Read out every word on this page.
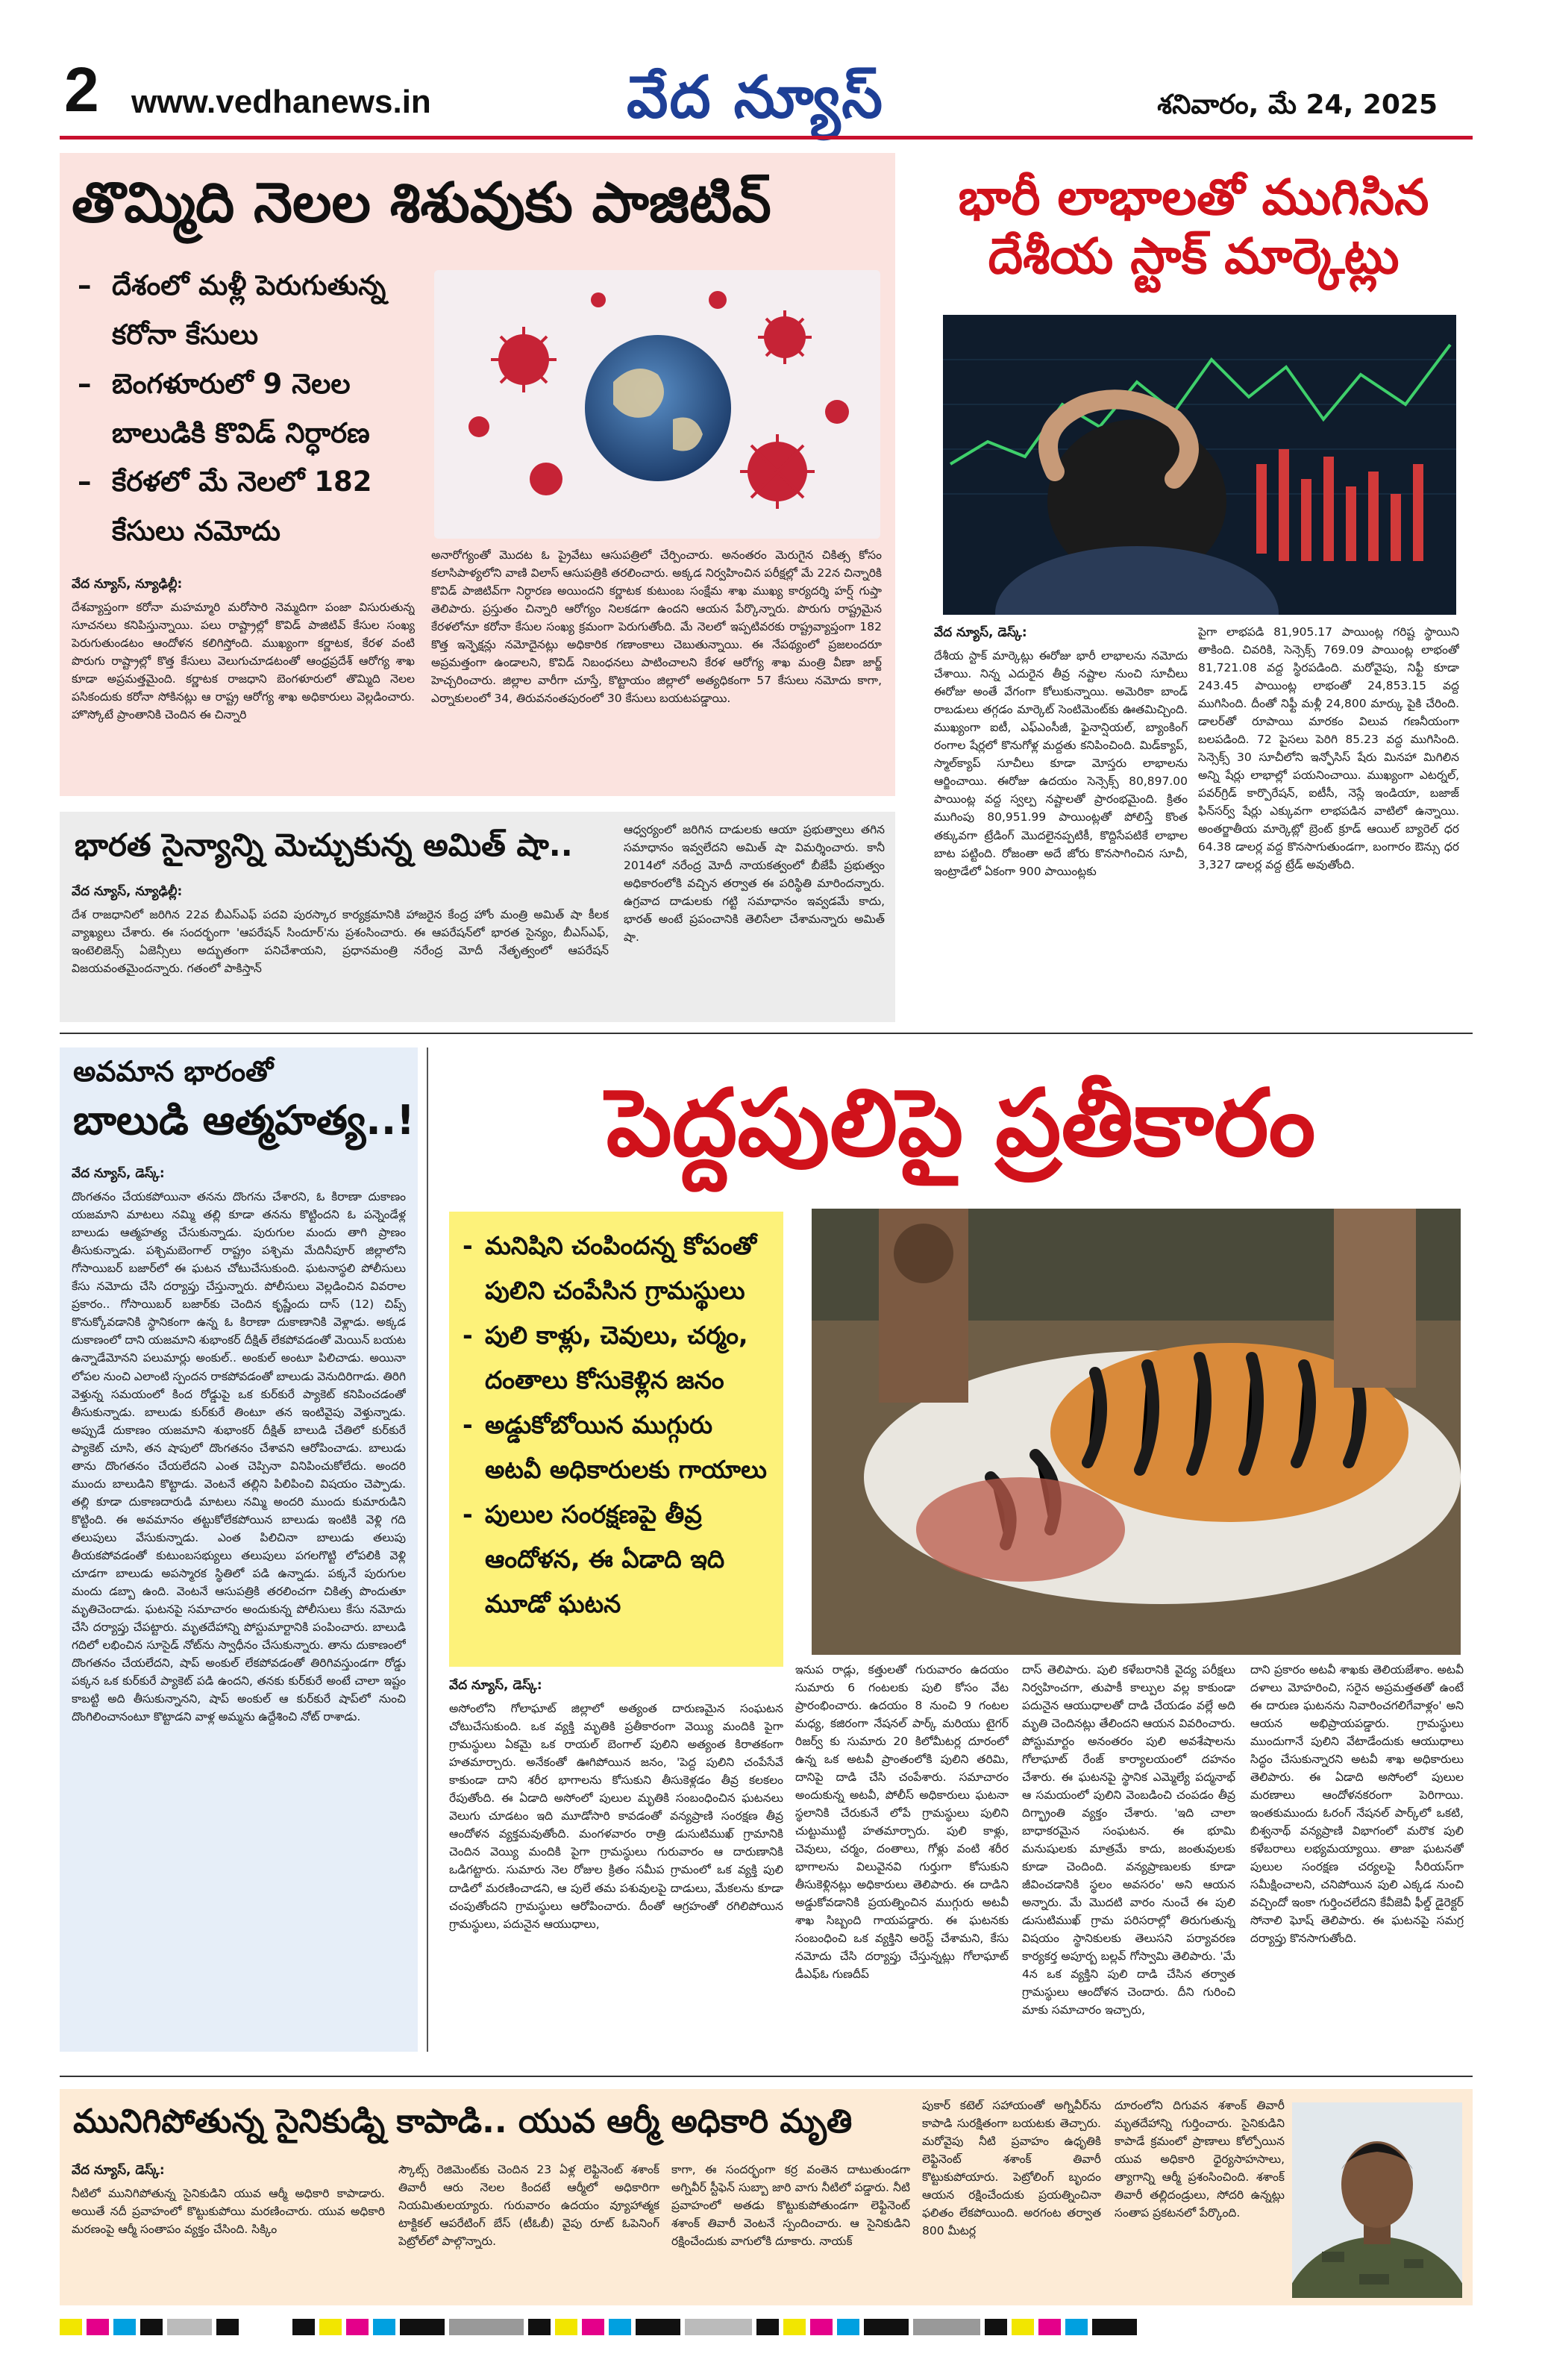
2 www.vedhanews.in	వేద న్యూస్	శనివారం, మే 24, 2025
తొమ్మిది నెలల శిశువుకు పాజిటివ్
– దేశంలో మళ్లీ పెరుగుతున్న కరోనా కేసులు
– బెంగళూరులో 9 నెలల బాలుడికి కొవిడ్ నిర్ధారణ
– కేరళలో మే నెలలో 182 కేసులు నమోదు
వేద న్యూస్, న్యూఢిల్లీ:
దేశవ్యాప్తంగా కరోనా మహమ్మారి మరోసారి నెమ్మదిగా పంజా విసురుతున్న సూచనలు కనిపిస్తున్నాయి. పలు రాష్ట్రాల్లో కొవిడ్ పాజిటివ్ కేసుల సంఖ్య పెరుగుతుండటం ఆందోళన కలిగిస్తోంది. ముఖ్యంగా కర్ణాటక, కేరళ వంటి పొరుగు రాష్ట్రాల్లో కొత్త కేసులు వెలుగుచూడటంతో ఆంధ్రప్రదేశ్ ఆరోగ్య శాఖ కూడా అప్రమత్తమైంది. కర్ణాటక రాజధాని బెంగళూరులో తొమ్మిది నెలల పసికందుకు కరోనా సోకినట్లు ఆ రాష్ట్ర ఆరోగ్య శాఖ అధికారులు వెల్లడించారు. హొస్కోటే ప్రాంతానికి చెందిన ఈ చిన్నారి
అనారోగ్యంతో మొదట ఓ ప్రైవేటు ఆసుపత్రిలో చేర్పించారు. అనంతరం మెరుగైన చికిత్స కోసం కలాసిపాళ్యలోని వాణి విలాస్ ఆసుపత్రికి తరలించారు. అక్కడ నిర్వహించిన పరీక్షల్లో మే 22న చిన్నారికి కొవిడ్ పాజిటివ్‌గా నిర్ధారణ అయిందని కర్ణాటక కుటుంబ సంక్షేమ శాఖ ముఖ్య కార్యదర్శి హర్ష్ గుప్తా తెలిపారు. ప్రస్తుతం చిన్నారి ఆరోగ్యం నిలకడగా ఉందని ఆయన పేర్కొన్నారు. పొరుగు రాష్ట్రమైన కేరళలోనూ కరోనా కేసుల సంఖ్య క్రమంగా పెరుగుతోంది. మే నెలలో ఇప్పటివరకు రాష్ట్రవ్యాప్తంగా 182 కొత్త ఇన్ఫెక్షన్లు నమోదైనట్లు అధికారిక గణాంకాలు చెబుతున్నాయి. ఈ నేపథ్యంలో ప్రజలందరూ అప్రమత్తంగా ఉండాలని, కొవిడ్ నిబంధనలు పాటించాలని కేరళ ఆరోగ్య శాఖ మంత్రి వీణా జార్జ్ హెచ్చరించారు. జిల్లాల వారీగా చూస్తే, కొట్టాయం జిల్లాలో అత్యధికంగా 57 కేసులు నమోదు కాగా, ఎర్నాకులంలో 34, తిరువనంతపురంలో 30 కేసులు బయటపడ్డాయి.
భారీ లాభాలతో ముగిసిన దేశీయ స్టాక్ మార్కెట్లు
వేద న్యూస్, డెస్క్:
దేశీయ స్టాక్ మార్కెట్లు ఈరోజు భారీ లాభాలను నమోదు చేశాయి. నిన్న ఎదురైన తీవ్ర నష్టాల నుంచి సూచీలు ఈరోజు అంతే వేగంగా కోలుకున్నాయి. అమెరికా బాండ్ రాబడులు తగ్గడం మార్కెట్ సెంటిమెంట్‌కు ఊతమిచ్చింది. ముఖ్యంగా ఐటీ, ఎఫ్ఎంసీజీ, ఫైనాన్షియల్, బ్యాంకింగ్ రంగాల షేర్లలో కొనుగోళ్ల మద్దతు కనిపించింది. మిడ్‌క్యాప్, స్మాల్‌క్యాప్ సూచీలు కూడా మోస్తరు లాభాలను ఆర్జించాయి. ఈరోజు ఉదయం సెన్సెక్స్ 80,897.00 పాయింట్ల వద్ద స్వల్ప నష్టాలతో ప్రారంభమైంది. క్రితం ముగింపు 80,951.99 పాయింట్లతో పోలిస్తే కొంత తక్కువగా ట్రేడింగ్ మొదలైనప్పటికీ, కొద్దిసేపటికే లాభాల బాట పట్టింది. రోజంతా అదే జోరు కొనసాగించిన సూచీ, ఇంట్రాడేలో ఏకంగా 900 పాయింట్లకు
పైగా లాభపడి 81,905.17 పాయింట్ల గరిష్ట స్థాయిని తాకింది. చివరికి, సెన్సెక్స్ 769.09 పాయింట్ల లాభంతో 81,721.08 వద్ద స్థిరపడింది. మరోవైపు, నిఫ్టీ కూడా 243.45 పాయింట్ల లాభంతో 24,853.15 వద్ద ముగిసింది. దీంతో నిఫ్టీ మళ్లీ 24,800 మార్కు పైకి చేరింది. డాలర్‌తో రూపాయి మారకం విలువ గణనీయంగా బలపడింది. 72 పైసలు పెరిగి 85.23 వద్ద ముగిసింది. సెన్సెక్స్ 30 సూచీలోని ఇన్ఫోసిస్ షేరు మినహా మిగిలిన అన్ని షేర్లు లాభాల్లో పయనించాయి. ముఖ్యంగా ఎటర్నల్, పవర్‌గ్రిడ్ కార్పొరేషన్, ఐటీసీ, నెస్లే ఇండియా, బజాజ్ ఫిన్‌సర్వ్ షేర్లు ఎక్కువగా లాభపడిన వాటిలో ఉన్నాయి. అంతర్జాతీయ మార్కెట్లో బ్రెంట్ క్రూడ్ ఆయిల్ బ్యారెల్ ధర 64.38 డాలర్ల వద్ద కొనసాగుతుండగా, బంగారం ఔన్సు ధర 3,327 డాలర్ల వద్ద ట్రేడ్ అవుతోంది.
భారత సైన్యాన్ని మెచ్చుకున్న అమిత్ షా..
వేద న్యూస్, న్యూఢిల్లీ:
దేశ రాజధానిలో జరిగిన 22వ బీఎస్ఎఫ్ పదవి పురస్కార కార్యక్రమానికి హాజరైన కేంద్ర హోం మంత్రి అమిత్ షా కీలక వ్యాఖ్యలు చేశారు. ఈ సందర్భంగా 'ఆపరేషన్ సిందూర్'ను ప్రశంసించారు. ఈ ఆపరేషన్‌లో భారత సైన్యం, బీఎస్ఎఫ్, ఇంటెలిజెన్స్ ఏజెన్సీలు అద్భుతంగా పనిచేశాయని, ప్రధానమంత్రి నరేంద్ర మోదీ నేతృత్వంలో ఆపరేషన్ విజయవంతమైందన్నారు. గతంలో పాకిస్తాన్
ఆధ్వర్యంలో జరిగిన దాడులకు ఆయా ప్రభుత్వాలు తగిన సమాధానం ఇవ్వలేదని అమిత్ షా విమర్శించారు. కానీ 2014లో నరేంద్ర మోదీ నాయకత్వంలో బీజేపీ ప్రభుత్వం అధికారంలోకి వచ్చిన తర్వాత ఈ పరిస్థితి మారిందన్నారు. ఉగ్రవాద దాడులకు గట్టి సమాధానం ఇవ్వడమే కాదు, భారత్ అంటే ప్రపంచానికి తెలిసేలా చేశామన్నారు అమిత్ షా.
అవమాన భారంతో
బాలుడి ఆత్మహత్య..!
వేద న్యూస్, డెస్క్:
దొంగతనం చేయకపోయినా తనను దొంగను చేశారని, ఓ కిరాణా దుకాణం యజమాని మాటలు నమ్మి తల్లి కూడా తనను కొట్టిందని ఓ పన్నెండేళ్ల బాలుడు ఆత్మహత్య చేసుకున్నాడు. పురుగుల మందు తాగి ప్రాణం తీసుకున్నాడు. పశ్చిమబెంగాల్ రాష్ట్రం పశ్చిమ మేదినీపూర్ జిల్లాలోని గోసాయిబర్ బజార్‌లో ఈ ఘటన చోటుచేసుకుంది. ఘటనాస్థలి పోలీసులు కేసు నమోదు చేసి దర్యాప్తు చేస్తున్నారు. పోలీసులు వెల్లడించిన వివరాల ప్రకారం.. గోసాయిబర్ బజార్‌కు చెందిన కృష్ణేందు దాస్ (12) చిప్స్ కొనుక్కోవడానికి స్థానికంగా ఉన్న ఓ కిరాణా దుకాణానికి వెళ్లాడు. అక్కడ దుకాణంలో దాని యజమాని శుభాంకర్ దీక్షిత్ లేకపోవడంతో మెయిన్ బయట ఉన్నాడేమోనని పలుమార్లు అంకుల్.. అంకుల్ అంటూ పిలిచాడు. అయినా లోపల నుంచి ఎలాంటి స్పందన రాకపోవడంతో బాలుడు వెనుదిరిగాడు. తిరిగి వెళ్తున్న సమయంలో కింద రోడ్డుపై ఒక కుర్‌కురే ప్యాకెట్ కనిపించడంతో తీసుకున్నాడు. బాలుడు కుర్‌కురే తింటూ తన ఇంటివైపు వెళ్తున్నాడు. అప్పుడే దుకాణం యజమాని శుభాంకర్ దీక్షిత్ బాలుడి చేతిలో కుర్‌కురే ప్యాకెట్ చూసి, తన షాపులో దొంగతనం చేశావని ఆరోపించాడు. బాలుడు తాను దొంగతనం చేయలేదని ఎంత చెప్పినా వినిపించుకోలేదు. అందరి ముందు బాలుడిని కొట్టాడు. వెంటనే తల్లిని పిలిపించి విషయం చెప్పాడు. తల్లి కూడా దుకాణదారుడి మాటలు నమ్మి అందరి ముందు కుమారుడిని కొట్టింది. ఈ అవమానం తట్టుకోలేకపోయిన బాలుడు ఇంటికి వెళ్లి గది తలుపులు వేసుకున్నాడు. ఎంత పిలిచినా బాలుడు తలుపు తీయకపోవడంతో కుటుంబసభ్యులు తలుపులు పగలగొట్టి లోపలికి వెళ్లి చూడగా బాలుడు అపస్మారక స్థితిలో పడి ఉన్నాడు. పక్కనే పురుగుల మందు డబ్బా ఉంది. వెంటనే ఆసుపత్రికి తరలించగా చికిత్స పొందుతూ మృతిచెందాడు. ఘటనపై సమాచారం అందుకున్న పోలీసులు కేసు నమోదు చేసి దర్యాప్తు చేపట్టారు. మృతదేహాన్ని పోస్టుమార్టానికి పంపించారు. బాలుడి గదిలో లభించిన సూసైడ్ నోట్‌ను స్వాధీనం చేసుకున్నారు. తాను దుకాణంలో దొంగతనం చేయలేదని, షాప్ అంకుల్ లేకపోవడంతో తిరిగివస్తుండగా రోడ్డు పక్కన ఒక కుర్‌కురే ప్యాకెట్ పడి ఉందని, తనకు కుర్‌కురే అంటే చాలా ఇష్టం కాబట్టి అది తీసుకున్నానని, షాప్ అంకుల్ ఆ కుర్‌కురే షాప్‌లో నుంచి దొంగిలించానంటూ కొట్టాడని వాళ్ల అమ్మను ఉద్దేశించి నోట్ రాశాడు.
పెద్దపులిపై ప్రతీకారం
- మనిషిని చంపిందన్న కోపంతో పులిని చంపేసిన గ్రామస్థులు
- పులి కాళ్లు, చెవులు, చర్మం, దంతాలు కోసుకెళ్లిన జనం
- అడ్డుకోబోయిన ముగ్గురు అటవీ అధికారులకు గాయాలు
- పులుల సంరక్షణపై తీవ్ర ఆందోళన, ఈ ఏడాది ఇది మూడో ఘటన
వేద న్యూస్, డెస్క్:
అసోంలోని గోలాఘాట్ జిల్లాలో అత్యంత దారుణమైన సంఘటన చోటుచేసుకుంది. ఒక వ్యక్తి మృతికి ప్రతీకారంగా వెయ్యి మందికి పైగా గ్రామస్థులు ఏకమై ఒక రాయల్ బెంగాల్ పులిని అత్యంత కిరాతకంగా హతమార్చారు. అనేకంతో ఊగిపోయిన జనం, 'పెద్ద పులిని చంపేసేవే కాకుండా దాని శరీర భాగాలను కోసుకుని తీసుకెళ్లడం తీవ్ర కలకలం రేపుతోంది. ఈ ఏడాది అసోంలో పులుల మృతికి సంబంధించిన ఘటనలు వెలుగు చూడటం ఇది మూడోసారి కావడంతో వన్యప్రాణి సంరక్షణ తీవ్ర ఆందోళన వ్యక్తమవుతోంది. మంగళవారం రాత్రి డుసుటిముఖ్ గ్రామానికి చెందిన వెయ్యి మందికి పైగా గ్రామస్థులు గురువారం ఆ దారుణానికి ఒడిగట్టారు. సుమారు నెల రోజుల క్రితం సమీప గ్రామంలో ఒక వ్యక్తి పులి దాడిలో మరణించాడని, ఆ పులే తమ పశువులపై దాడులు, మేకలను కూడా చంపుతోందని గ్రామస్థులు ఆరోపించారు. దీంతో ఆగ్రహంతో రగిలిపోయిన గ్రామస్థులు, పదునైన ఆయుధాలు,
ఇనుప రాడ్లు, కత్తులతో గురువారం ఉదయం సుమారు 6 గంటలకు పులి కోసం వేట ప్రారంభించారు. ఉదయం 8 నుంచి 9 గంటల మధ్య, కజిరంగా నేషనల్ పార్క్ మరియు టైగర్ రిజర్వ్ కు సుమారు 20 కిలోమీటర్ల దూరంలో ఉన్న ఒక అటవీ ప్రాంతంలోకి పులిని తరిమి, దానిపై దాడి చేసి చంపేశారు. సమాచారం అందుకున్న అటవీ, పోలీస్ అధికారులు ఘటనా స్థలానికి చేరుకునే లోపే గ్రామస్థులు పులిని చుట్టుముట్టి హతమార్చారు. పులి కాళ్లు, చెవులు, చర్మం, దంతాలు, గోళ్లు వంటి శరీర భాగాలను విలువైనవి గుర్తుగా కోసుకుని తీసుకెళ్లినట్లు అధికారులు తెలిపారు. ఈ దాడిని అడ్డుకోవడానికి ప్రయత్నించిన ముగ్గురు అటవీ శాఖ సిబ్బంది గాయపడ్డారు. ఈ ఘటనకు సంబంధించి ఒక వ్యక్తిని అరెస్ట్ చేశామని, కేసు నమోదు చేసి దర్యాప్తు చేస్తున్నట్లు గోలాఘాట్ డీఎఫ్ఓ గుణదీప్
దాస్ తెలిపారు. పులి కళేబరానికి వైద్య పరీక్షలు నిర్వహించగా, తుపాకీ కాల్పుల వల్ల కాకుండా పదునైన ఆయుధాలతో దాడి చేయడం వల్లే అది మృతి చెందినట్లు తేలిందని ఆయన వివరించారు. పోస్టుమార్టం అనంతరం పులి అవశేషాలను గోలాఘాట్ రేంజ్ కార్యాలయంలో దహనం చేశారు. ఈ ఘటనపై స్థానిక ఎమ్మెల్యే పద్మనాభ్ ఆ సమయంలో పులిని వెంబడించి చంపడం తీవ్ర దిగ్భ్రాంతి వ్యక్తం చేశారు. 'ఇది చాలా బాధాకరమైన సంఘటన. ఈ భూమి మనుషులకు మాత్రమే కాదు, జంతువులకు కూడా చెందింది. వన్యప్రాణులకు కూడా జీవించడానికి స్థలం అవసరం' అని ఆయన అన్నారు. మే మొదటి వారం నుంచే ఈ పులి డుసుటిముఖ్ గ్రామ పరిసరాల్లో తిరుగుతున్న విషయం స్థానికులకు తెలుసని పర్యావరణ కార్యకర్త అపూర్బ బల్లవ్ గోస్వామి తెలిపారు. 'మే 4న ఒక వ్యక్తిని పులి దాడి చేసిన తర్వాత గ్రామస్థులు ఆందోళన చెందారు. దీని గురించి మాకు సమాచారం ఇచ్చారు,
దాని ప్రకారం అటవీ శాఖకు తెలియజేశాం. అటవీ దళాలు మోహరించి, సరైన అప్రమత్తతతో ఉంటే ఈ దారుణ ఘటనను నివారించగలిగేవాళ్లం' అని ఆయన అభిప్రాయపడ్డారు. గ్రామస్థులు ముందుగానే పులిని వేటాడేందుకు ఆయుధాలు సిద్ధం చేసుకున్నారని అటవీ శాఖ అధికారులు తెలిపారు. ఈ ఏడాది అసోంలో పులుల మరణాలు ఆందోళనకరంగా పెరిగాయి. ఇంతకుముందు ఓరంగ్ నేషనల్ పార్క్‌లో ఒకటి, బిశ్వనాథ్ వన్యప్రాణి విభాగంలో మరొక పులి కళేబరాలు లభ్యమయ్యాయి. తాజా ఘటనతో పులుల సంరక్షణ చర్యలపై సీరియస్‌గా సమీక్షించాలని, చనిపోయిన పులి ఎక్కడ నుంచి వచ్చిందో ఇంకా గుర్తించలేదని కేవీజెవీ ఫీల్డ్ డైరెక్టర్ సోనాలి ఘోష్ తెలిపారు. ఈ ఘటనపై సమగ్ర దర్యాప్తు కొనసాగుతోంది.
మునిగిపోతున్న సైనికుడ్ని కాపాడి.. యువ ఆర్మీ అధికారి మృతి
వేద న్యూస్, డెస్క్:
నీటిలో మునిగిపోతున్న సైనికుడిని యువ ఆర్మీ అధికారి కాపాడారు. అయితే నదీ ప్రవాహంలో కొట్టుకుపోయి మరణించారు. యువ అధికారి మరణంపై ఆర్మీ సంతాపం వ్యక్తం చేసింది. సిక్కిం
స్కౌట్స్ రెజిమెంట్‌కు చెందిన 23 ఏళ్ల లెఫ్టినెంట్ శశాంక్ తివారీ ఆరు నెలల కిందటే ఆర్మీలో అధికారిగా నియమితులయ్యారు. గురువారం ఉదయం వ్యూహాత్మక టాక్టికల్ ఆపరేటింగ్ బేస్ (టీఓబీ) వైపు రూట్ ఓపెనింగ్ పెట్రోల్‌లో పాల్గొన్నారు.
కాగా, ఈ సందర్భంగా కర్ర వంతెన దాటుతుండగా అగ్నివీర్ స్టీఫెన్ సుబ్బా జారి వాగు నీటిలో పడ్డారు. నీటి ప్రవాహంలో అతడు కొట్టుకుపోతుండగా లెఫ్టినెంట్ శశాంక్ తివారీ వెంటనే స్పందించారు. ఆ సైనికుడిని రక్షించేందుకు వాగులోకి దూకారు. నాయక్
పుకార్ కటెల్ సహాయంతో అగ్నివీర్‌ను కాపాడి సురక్షితంగా బయటకు తెచ్చారు. మరోవైపు నీటి ప్రవాహం ఉధృతికి లెఫ్టినెంట్ శశాంక్ తివారీ కొట్టుకుపోయారు. పెట్రోలింగ్ బృందం ఆయన రక్షించేందుకు ప్రయత్నించినా ఫలితం లేకపోయింది. అరగంట తర్వాత 800 మీటర్ల
దూరంలోని దిగువన శశాంక్ తివారీ మృతదేహాన్ని గుర్తించారు. సైనికుడిని కాపాడే క్రమంలో ప్రాణాలు కోల్పోయిన యువ అధికారి ధైర్యసాహసాలు, త్యాగాన్ని ఆర్మీ ప్రశంసించింది. శశాంక్ తివారీ తల్లిదండ్రులు, సోదరి ఉన్నట్లు సంతాప ప్రకటనలో పేర్కొంది.
